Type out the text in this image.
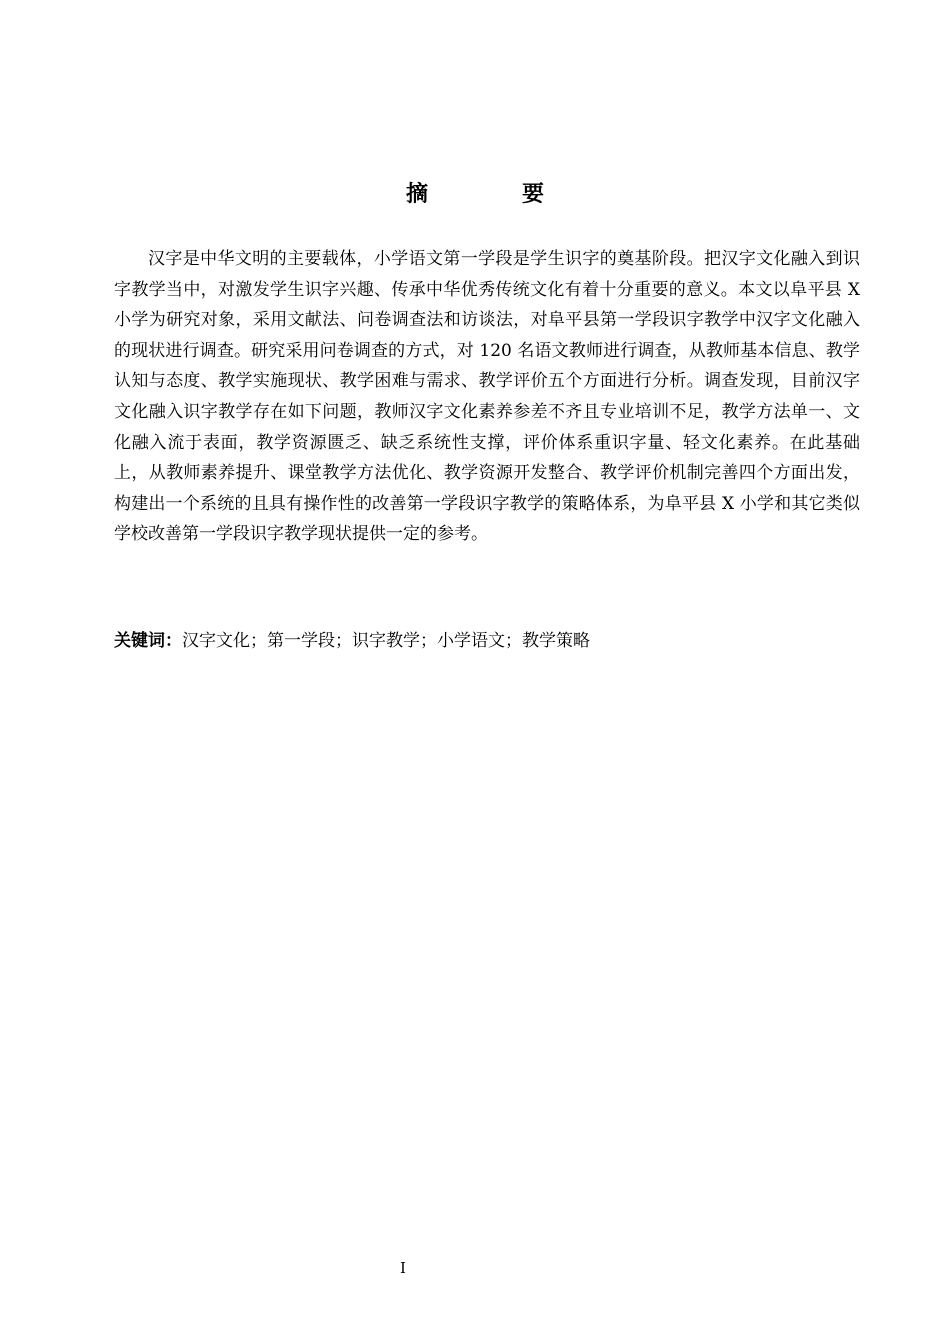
摘　要

汉字是中华文明的主要载体，小学语文第一学段是学生识字的奠基阶段。把汉字文化融入到识字教学当中，对激发学生识字兴趣、传承中华优秀传统文化有着十分重要的意义。本文以阜平县 X 小学为研究对象，采用文献法、问卷调查法和访谈法，对阜平县第一学段识字教学中汉字文化融入的现状进行调查。研究采用问卷调查的方式，对 120 名语文教师进行调查，从教师基本信息、教学认知与态度、教学实施现状、教学困难与需求、教学评价五个方面进行分析。调查发现，目前汉字文化融入识字教学存在如下问题，教师汉字文化素养参差不齐且专业培训不足，教学方法单一、文化融入流于表面，教学资源匮乏、缺乏系统性支撑，评价体系重识字量、轻文化素养。在此基础上，从教师素养提升、课堂教学方法优化、教学资源开发整合、教学评价机制完善四个方面出发，构建出一个系统的且具有操作性的改善第一学段识字教学的策略体系，为阜平县 X 小学和其它类似学校改善第一学段识字教学现状提供一定的参考。

关键词：汉字文化；第一学段；识字教学；小学语文；教学策略
I
